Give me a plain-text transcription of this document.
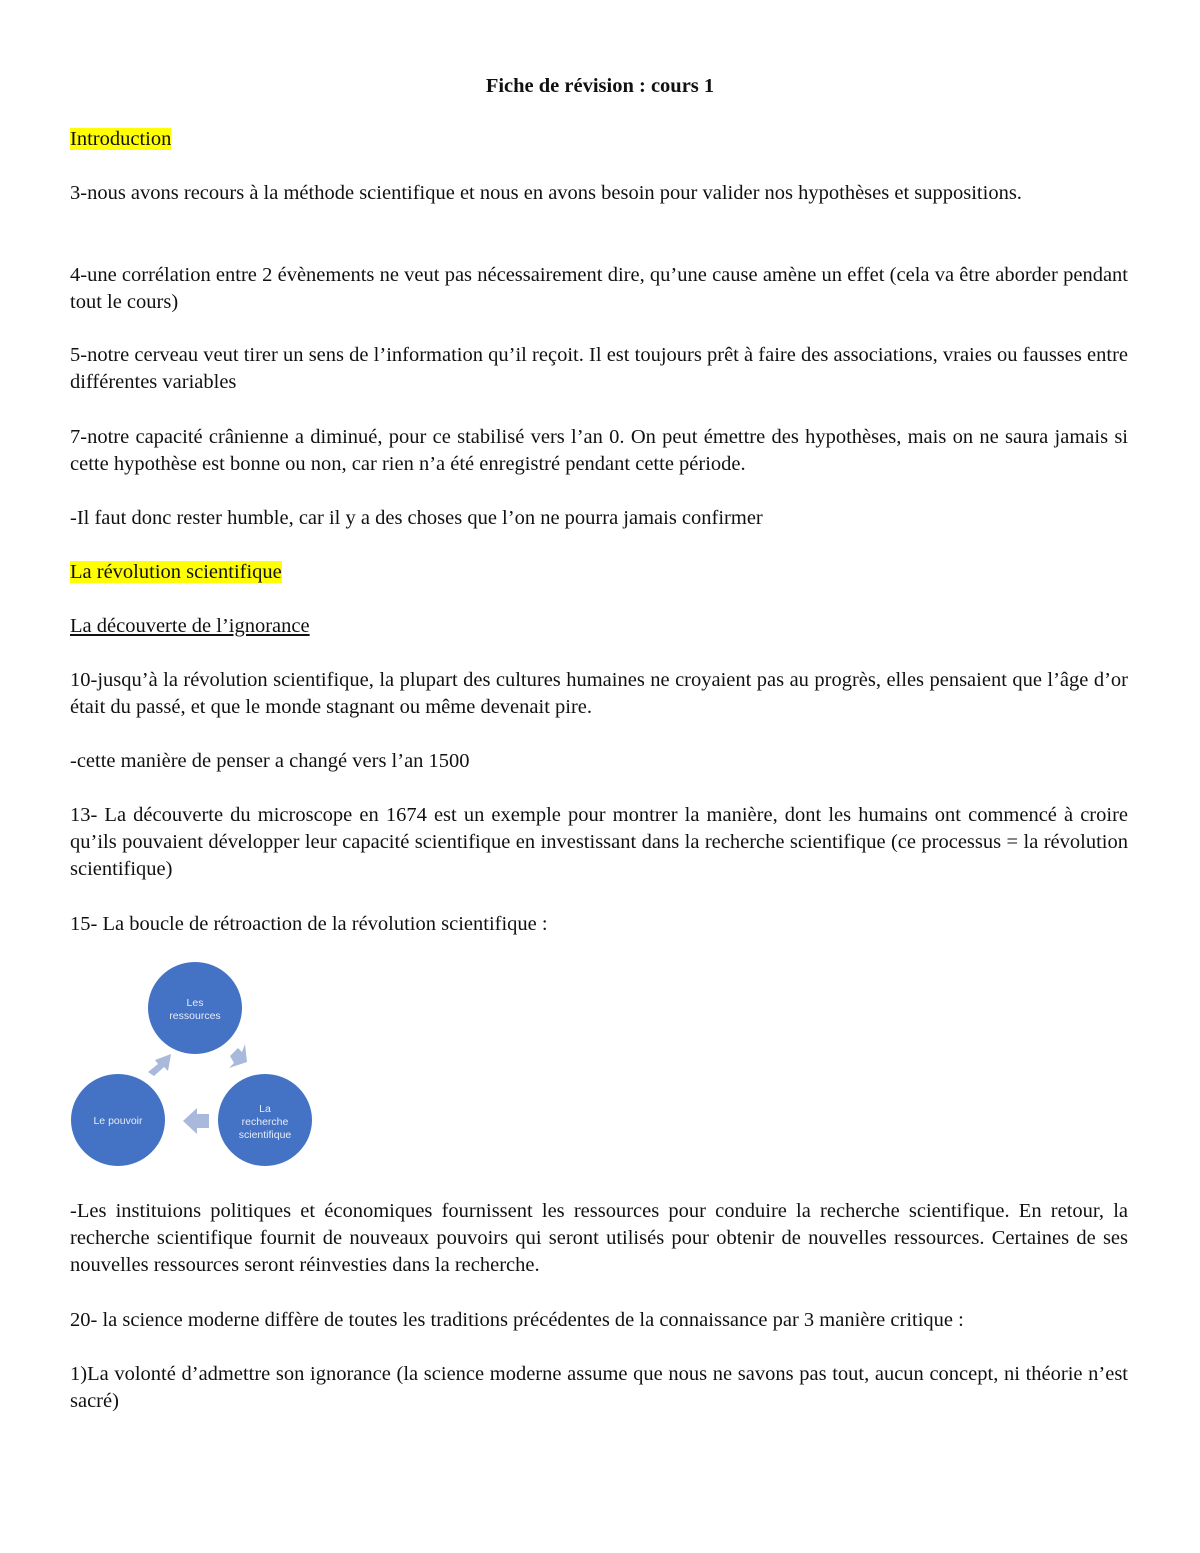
Fiche de révision : cours 1
Introduction
3-nous avons recours à la méthode scientifique et nous en avons besoin pour valider nos hypothèses et suppositions.
4-une corrélation entre 2 évènements ne veut pas nécessairement dire, qu’une cause amène un effet (cela va être aborder pendant tout le cours)
5-notre cerveau veut tirer un sens de l’information qu’il reçoit. Il est toujours prêt à faire des associations, vraies ou fausses entre différentes variables
7-notre capacité crânienne a diminué, pour ce stabilisé vers l’an 0. On peut émettre des hypothèses, mais on ne saura jamais si cette hypothèse est bonne ou non, car rien n’a été enregistré pendant cette période.
-Il faut donc rester humble, car il y a des choses que l’on ne pourra jamais confirmer
La révolution scientifique
La découverte de l’ignorance
10-jusqu’à la révolution scientifique, la plupart des cultures humaines ne croyaient pas au progrès, elles pensaient que l’âge d’or était du passé, et que le monde stagnant ou même devenait pire.
-cette manière de penser a changé vers l’an 1500
13- La découverte du microscope en 1674 est un exemple pour montrer la manière, dont les humains ont commencé à croire qu’ils pouvaient développer leur capacité scientifique en investissant dans la recherche scientifique (ce processus = la révolution scientifique)
15- La boucle de rétroaction de la révolution scientifique :
Les
ressources
La
recherche
scientifique
Le pouvoir
-Les instituions politiques et économiques fournissent les ressources pour conduire la recherche scientifique. En retour, la recherche scientifique fournit de nouveaux pouvoirs qui seront utilisés pour obtenir de nouvelles ressources. Certaines de ses nouvelles ressources seront réinvesties dans la recherche.
20- la science moderne diffère de toutes les traditions précédentes de la connaissance par 3 manière critique :
1)La volonté d’admettre son ignorance (la science moderne assume que nous ne savons pas tout, aucun concept, ni théorie n’est sacré)
